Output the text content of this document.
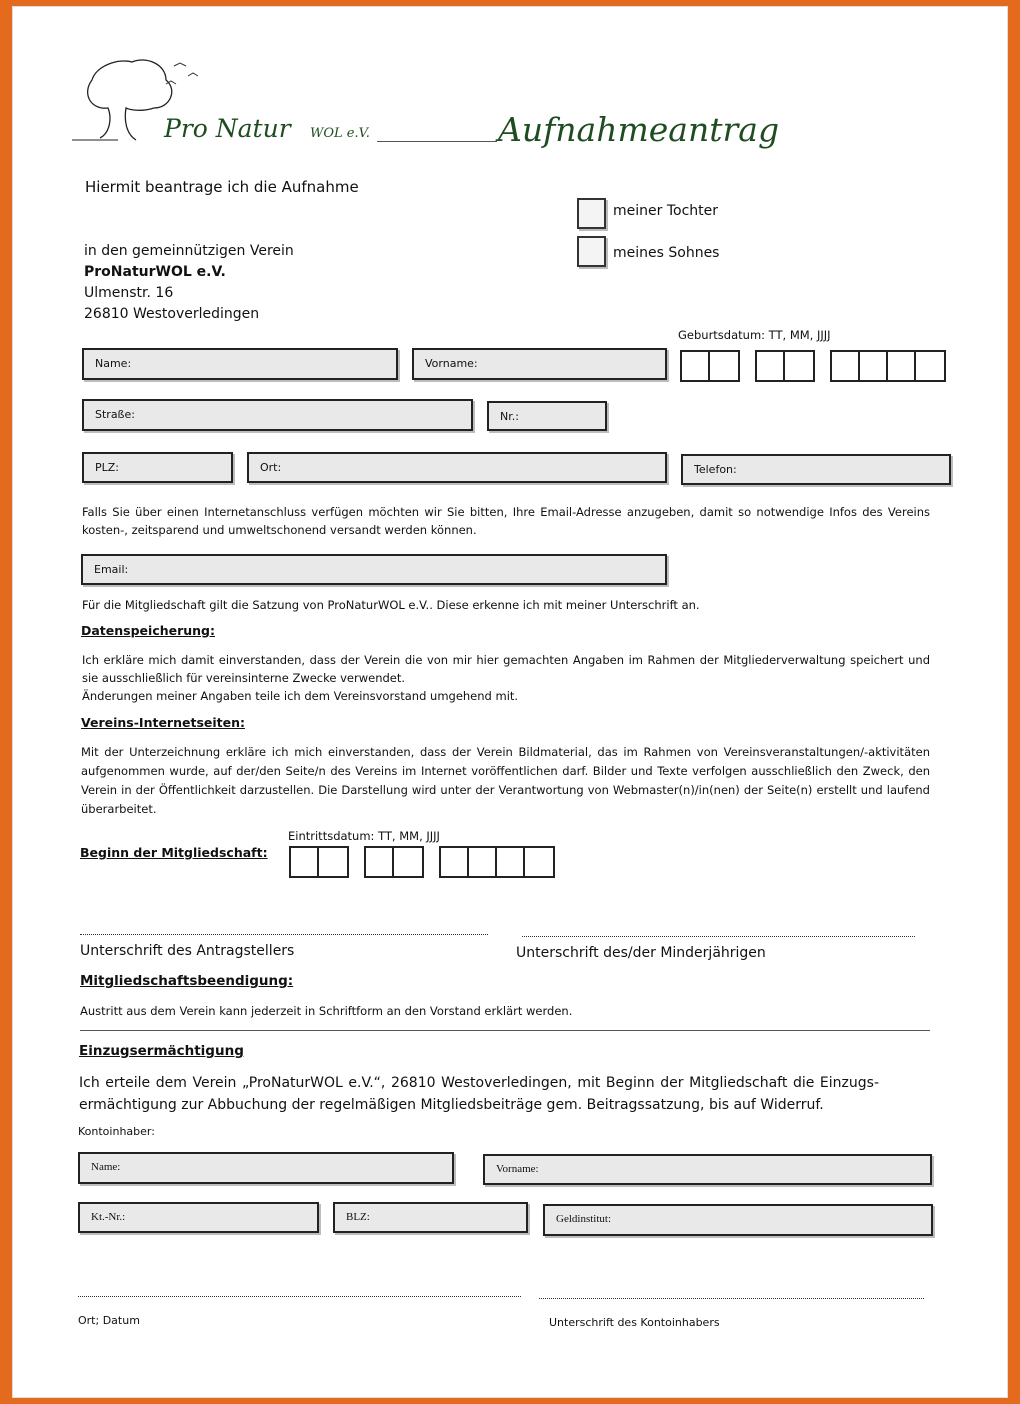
Pro Natur WOL e.V.	Aufnahmeantrag
Hiermit beantrage ich die Aufnahme
meiner Tochter
meines Sohnes
in den gemeinnützigen Verein
ProNaturWOL e.V.
Ulmenstr. 16
26810 Westoverledingen
Geburtsdatum: TT, MM, JJJJ
Name:	Vorname:
Straße:	Nr.:
PLZ:	Ort:	Telefon:
Falls Sie über einen Internetanschluss verfügen möchten wir Sie bitten, Ihre Email-Adresse anzugeben, damit so notwendige Infos des Vereins kosten-, zeitsparend und umweltschonend versandt werden können.
Email:
Für die Mitgliedschaft gilt die Satzung von ProNaturWOL e.V.. Diese erkenne ich mit meiner Unterschrift an.
Datenspeicherung:
Ich erkläre mich damit einverstanden, dass der Verein die von mir hier gemachten Angaben im Rahmen der Mitgliederverwaltung speichert und sie ausschließlich für vereinsinterne Zwecke verwendet.
Änderungen meiner Angaben teile ich dem Vereinsvorstand umgehend mit.
Vereins-Internetseiten:
Mit der Unterzeichnung erkläre ich mich einverstanden, dass der Verein Bildmaterial, das im Rahmen von Vereinsveranstaltungen/-aktivitäten aufgenommen wurde, auf der/den Seite/n des Vereins im Internet voröffentlichen darf. Bilder und Texte verfolgen ausschließlich den Zweck, den Verein in der Öffentlichkeit darzustellen. Die Darstellung wird unter der Verantwortung von Webmaster(n)/in(nen) der Seite(n) erstellt und laufend überarbeitet.
Eintrittsdatum: TT, MM, JJJJ
Beginn der Mitgliedschaft:
Unterschrift des Antragstellers	Unterschrift des/der Minderjährigen
Mitgliedschaftsbeendigung:
Austritt aus dem Verein kann jederzeit in Schriftform an den Vorstand erklärt werden.
Einzugsermächtigung
Ich erteile dem Verein „ProNaturWOL e.V.“, 26810 Westoverledingen, mit Beginn der Mitgliedschaft die Einzugs-ermächtigung zur Abbuchung der regelmäßigen Mitgliedsbeiträge gem. Beitragssatzung, bis auf Widerruf.
Kontoinhaber:
Name:	Vorname:
Kt.-Nr.:	BLZ:	Geldinstitut:
Ort; Datum	Unterschrift des Kontoinhabers
